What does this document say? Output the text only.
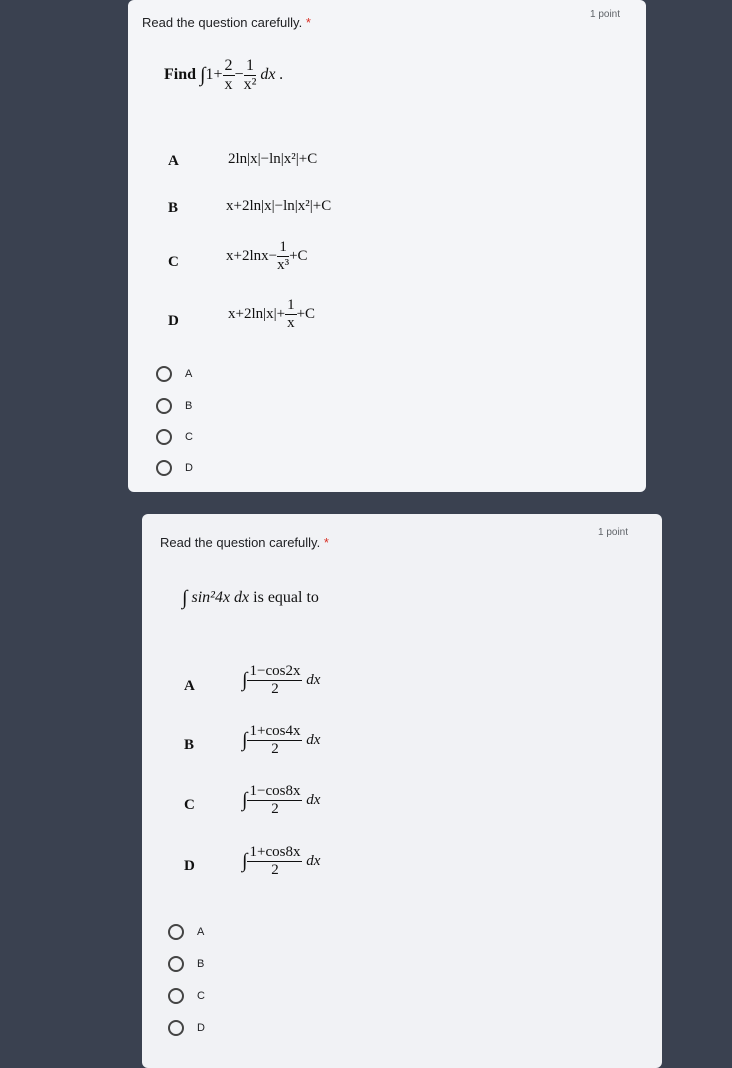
Read the question carefully. *
1 point
Find $\int 1+ \frac{2}{x} - \frac{1}{\text{x²}}$ dx .
A	2ln|x|−ln|x²|+C
B	x+2ln|x|−ln|x²|+C
C	$x+2\ln x- \frac{1}{\text{x³}} +C$
D	$x+2\ln|x|+ \frac{1}{x} +C$
A
B
C
D
Read the question carefully. *
1 point
∫ sin²4x dx is equal to
A ∫ $\frac{1-\cos 2x}{2}$ dx
B ∫ $\frac{1+\cos 4x}{2}$ dx
C ∫ $\frac{1-\cos 8x}{2}$ dx
D ∫ $\frac{1+\cos 8x}{2}$ dx
A
B
C
D
